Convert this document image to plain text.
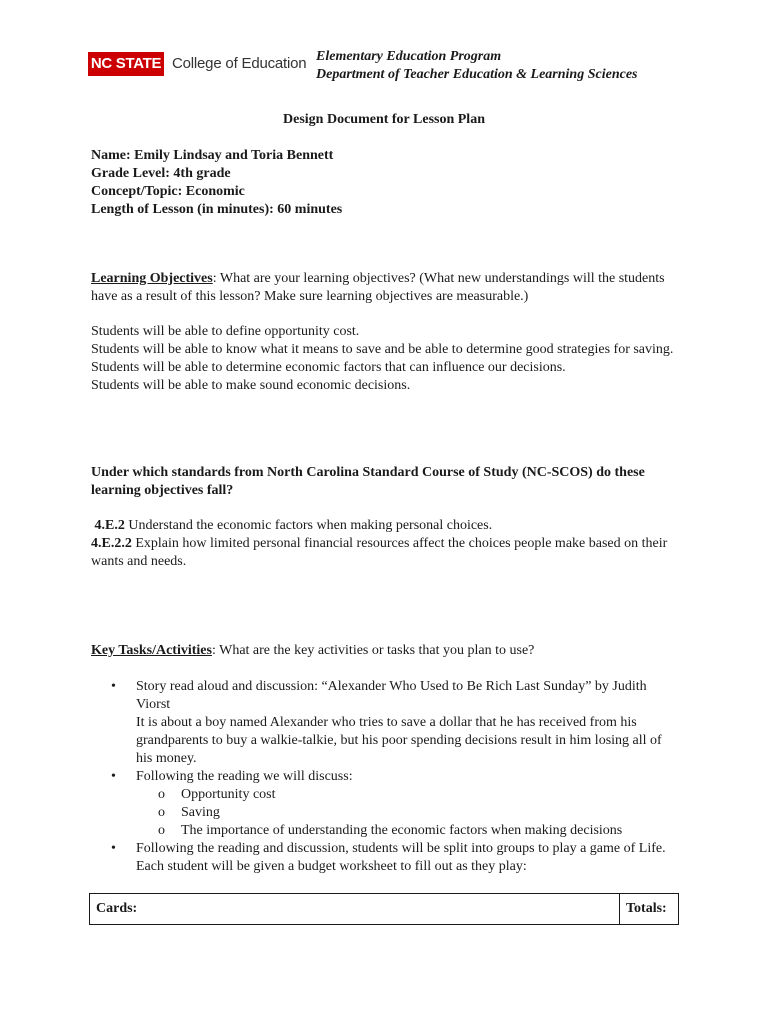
NC STATE College of Education Elementary Education Program
Department of Teacher Education & Learning Sciences
Design Document for Lesson Plan
Name: Emily Lindsay and Toria Bennett
Grade Level: 4th grade
Concept/Topic: Economic
Length of Lesson (in minutes): 60 minutes
Learning Objectives: What are your learning objectives? (What new understandings will the students have as a result of this lesson? Make sure learning objectives are measurable.)
Students will be able to define opportunity cost.
Students will be able to know what it means to save and be able to determine good strategies for saving.
Students will be able to determine economic factors that can influence our decisions.
Students will be able to make sound economic decisions.
Under which standards from North Carolina Standard Course of Study (NC-SCOS) do these learning objectives fall?
4.E.2 Understand the economic factors when making personal choices.
4.E.2.2 Explain how limited personal financial resources affect the choices people make based on their wants and needs.
Key Tasks/Activities: What are the key activities or tasks that you plan to use?
• Story read aloud and discussion: “Alexander Who Used to Be Rich Last Sunday” by Judith Viorst
It is about a boy named Alexander who tries to save a dollar that he has received from his grandparents to buy a walkie-talkie, but his poor spending decisions result in him losing all of his money.
• Following the reading we will discuss:
o Opportunity cost
o Saving
o The importance of understanding the economic factors when making decisions
• Following the reading and discussion, students will be split into groups to play a game of Life. Each student will be given a budget worksheet to fill out as they play:
Cards:	Totals:
